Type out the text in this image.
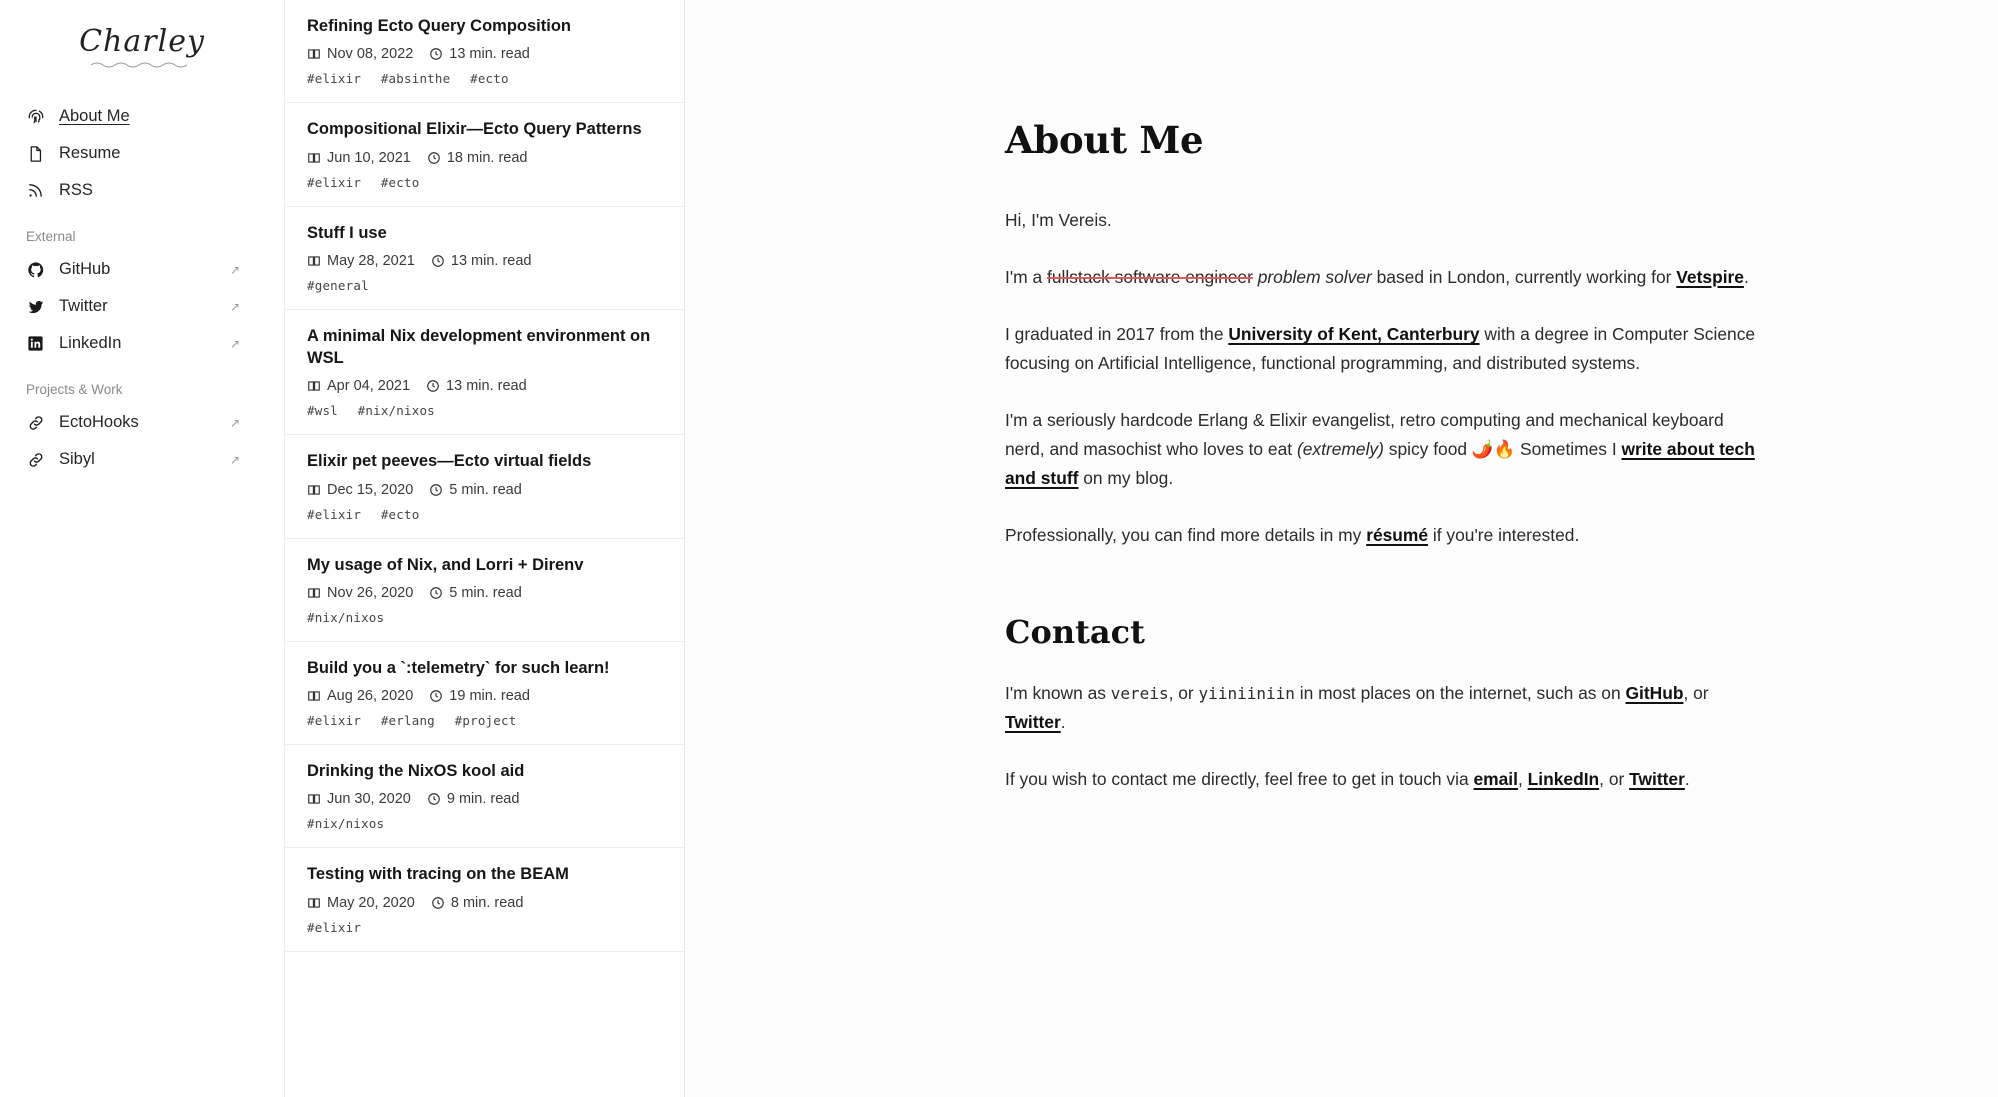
Charley
About Me
Resume
RSS
External
GitHub	↗
Twitter	↗
LinkedIn	↗
Projects & Work
EctoHooks	↗
Sibyl	↗
Refining Ecto Query Composition
Nov 08, 2022 13 min. read
#elixir #absinthe #ecto
Compositional Elixir—Ecto Query Patterns
Jun 10, 2021 18 min. read
#elixir #ecto
Stuff I use
May 28, 2021 13 min. read
#general
A minimal Nix development environment on WSL
Apr 04, 2021 13 min. read
#wsl #nix/nixos
Elixir pet peeves—Ecto virtual fields
Dec 15, 2020 5 min. read
#elixir #ecto
My usage of Nix, and Lorri + Direnv
Nov 26, 2020 5 min. read
#nix/nixos
Build you a `:telemetry` for such learn!
Aug 26, 2020 19 min. read
#elixir #erlang #project
Drinking the NixOS kool aid
Jun 30, 2020 9 min. read
#nix/nixos
Testing with tracing on the BEAM
May 20, 2020 8 min. read
#elixir
About Me

Hi, I'm Vereis.

I'm a fullstack software engineer problem solver based in London, currently working for Vetspire.

I graduated in 2017 from the University of Kent, Canterbury with a degree in Computer Science focusing on Artificial Intelligence, functional programming, and distributed systems.

I'm a seriously hardcode Erlang & Elixir evangelist, retro computing and mechanical keyboard nerd, and masochist who loves to eat (extremely) spicy food 🌶️🔥 Sometimes I write about tech and stuff on my blog.

Professionally, you can find more details in my résumé if you're interested.

Contact

I'm known as vereis, or yiiniiniin in most places on the internet, such as on GitHub, or Twitter.

If you wish to contact me directly, feel free to get in touch via email, LinkedIn, or Twitter.
